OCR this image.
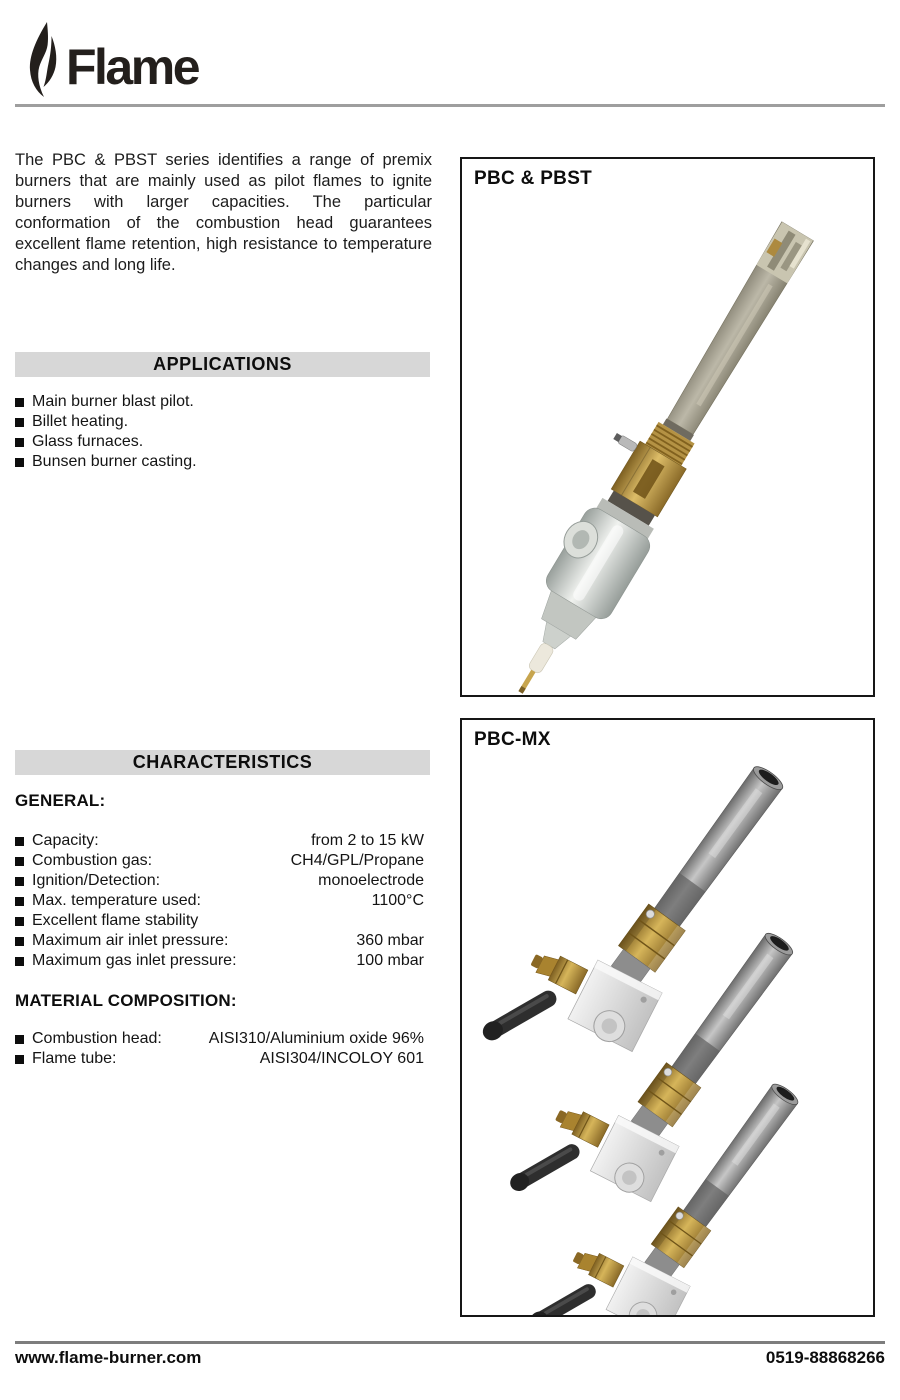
Flame

The PBC & PBST series identifies a range of premix burners that are mainly used as pilot flames to ignite burners with larger capacities. The particular conformation of the combustion head guarantees excellent flame retention, high resistance to temperature changes and long life.

APPLICATIONS
Main burner blast pilot.
Billet heating.
Glass furnaces.
Bunsen burner casting.
CHARACTERISTICS
GENERAL:
Capacity:	from 2 to 15 kW
Combustion gas:	CH4/GPL/Propane
Ignition/Detection:	monoelectrode
Max. temperature used:	1100°C
Excellent flame stability
Maximum air inlet pressure:	360 mbar
Maximum gas inlet pressure:	100 mbar
MATERIAL COMPOSITION:
Combustion head:	AISI310/Aluminium oxide 96%
Flame tube:	AISI304/INCOLOY 601
PBC & PBST
PBC-MX
www.flame-burner.com	0519-88868266
